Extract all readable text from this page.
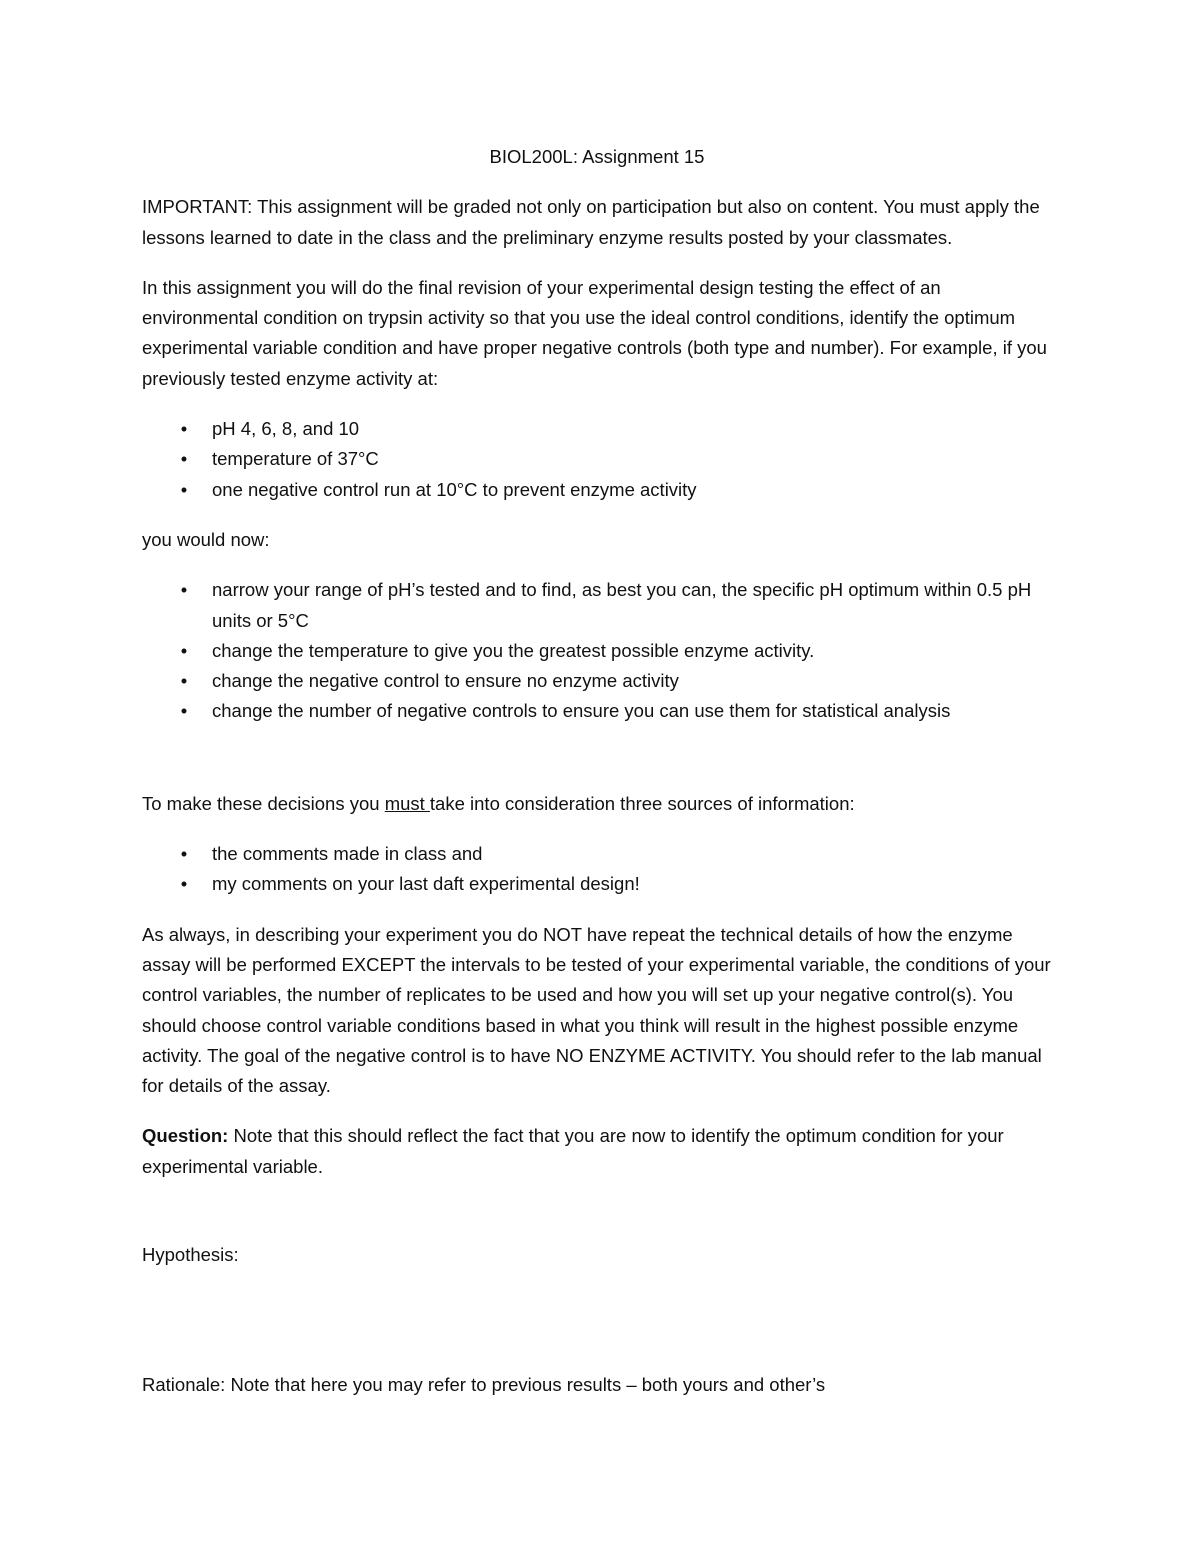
BIOL200L: Assignment 15

IMPORTANT: This assignment will be graded not only on participation but also on content. You must apply the lessons learned to date in the class and the preliminary enzyme results posted by your classmates.

In this assignment you will do the final revision of your experimental design testing the effect of an environmental condition on trypsin activity so that you use the ideal control conditions, identify the optimum experimental variable condition and have proper negative controls (both type and number). For example, if you previously tested enzyme activity at:

•	pH 4, 6, 8, and 10
•	temperature of 37°C
•	one negative control run at 10°C to prevent enzyme activity

you would now:

•	narrow your range of pH’s tested and to find, as best you can, the specific pH optimum within 0.5 pH units or 5°C
•	change the temperature to give you the greatest possible enzyme activity.
•	change the negative control to ensure no enzyme activity
•	change the number of negative controls to ensure you can use them for statistical analysis

To make these decisions you must take into consideration three sources of information:

•	the comments made in class and
•	my comments on your last daft experimental design!

As always, in describing your experiment you do NOT have repeat the technical details of how the enzyme assay will be performed EXCEPT the intervals to be tested of your experimental variable, the conditions of your control variables, the number of replicates to be used and how you will set up your negative control(s). You should choose control variable conditions based in what you think will result in the highest possible enzyme activity. The goal of the negative control is to have NO ENZYME ACTIVITY. You should refer to the lab manual for details of the assay.

Question: Note that this should reflect the fact that you are now to identify the optimum condition for your experimental variable.

Hypothesis:

Rationale: Note that here you may refer to previous results – both yours and other’s
